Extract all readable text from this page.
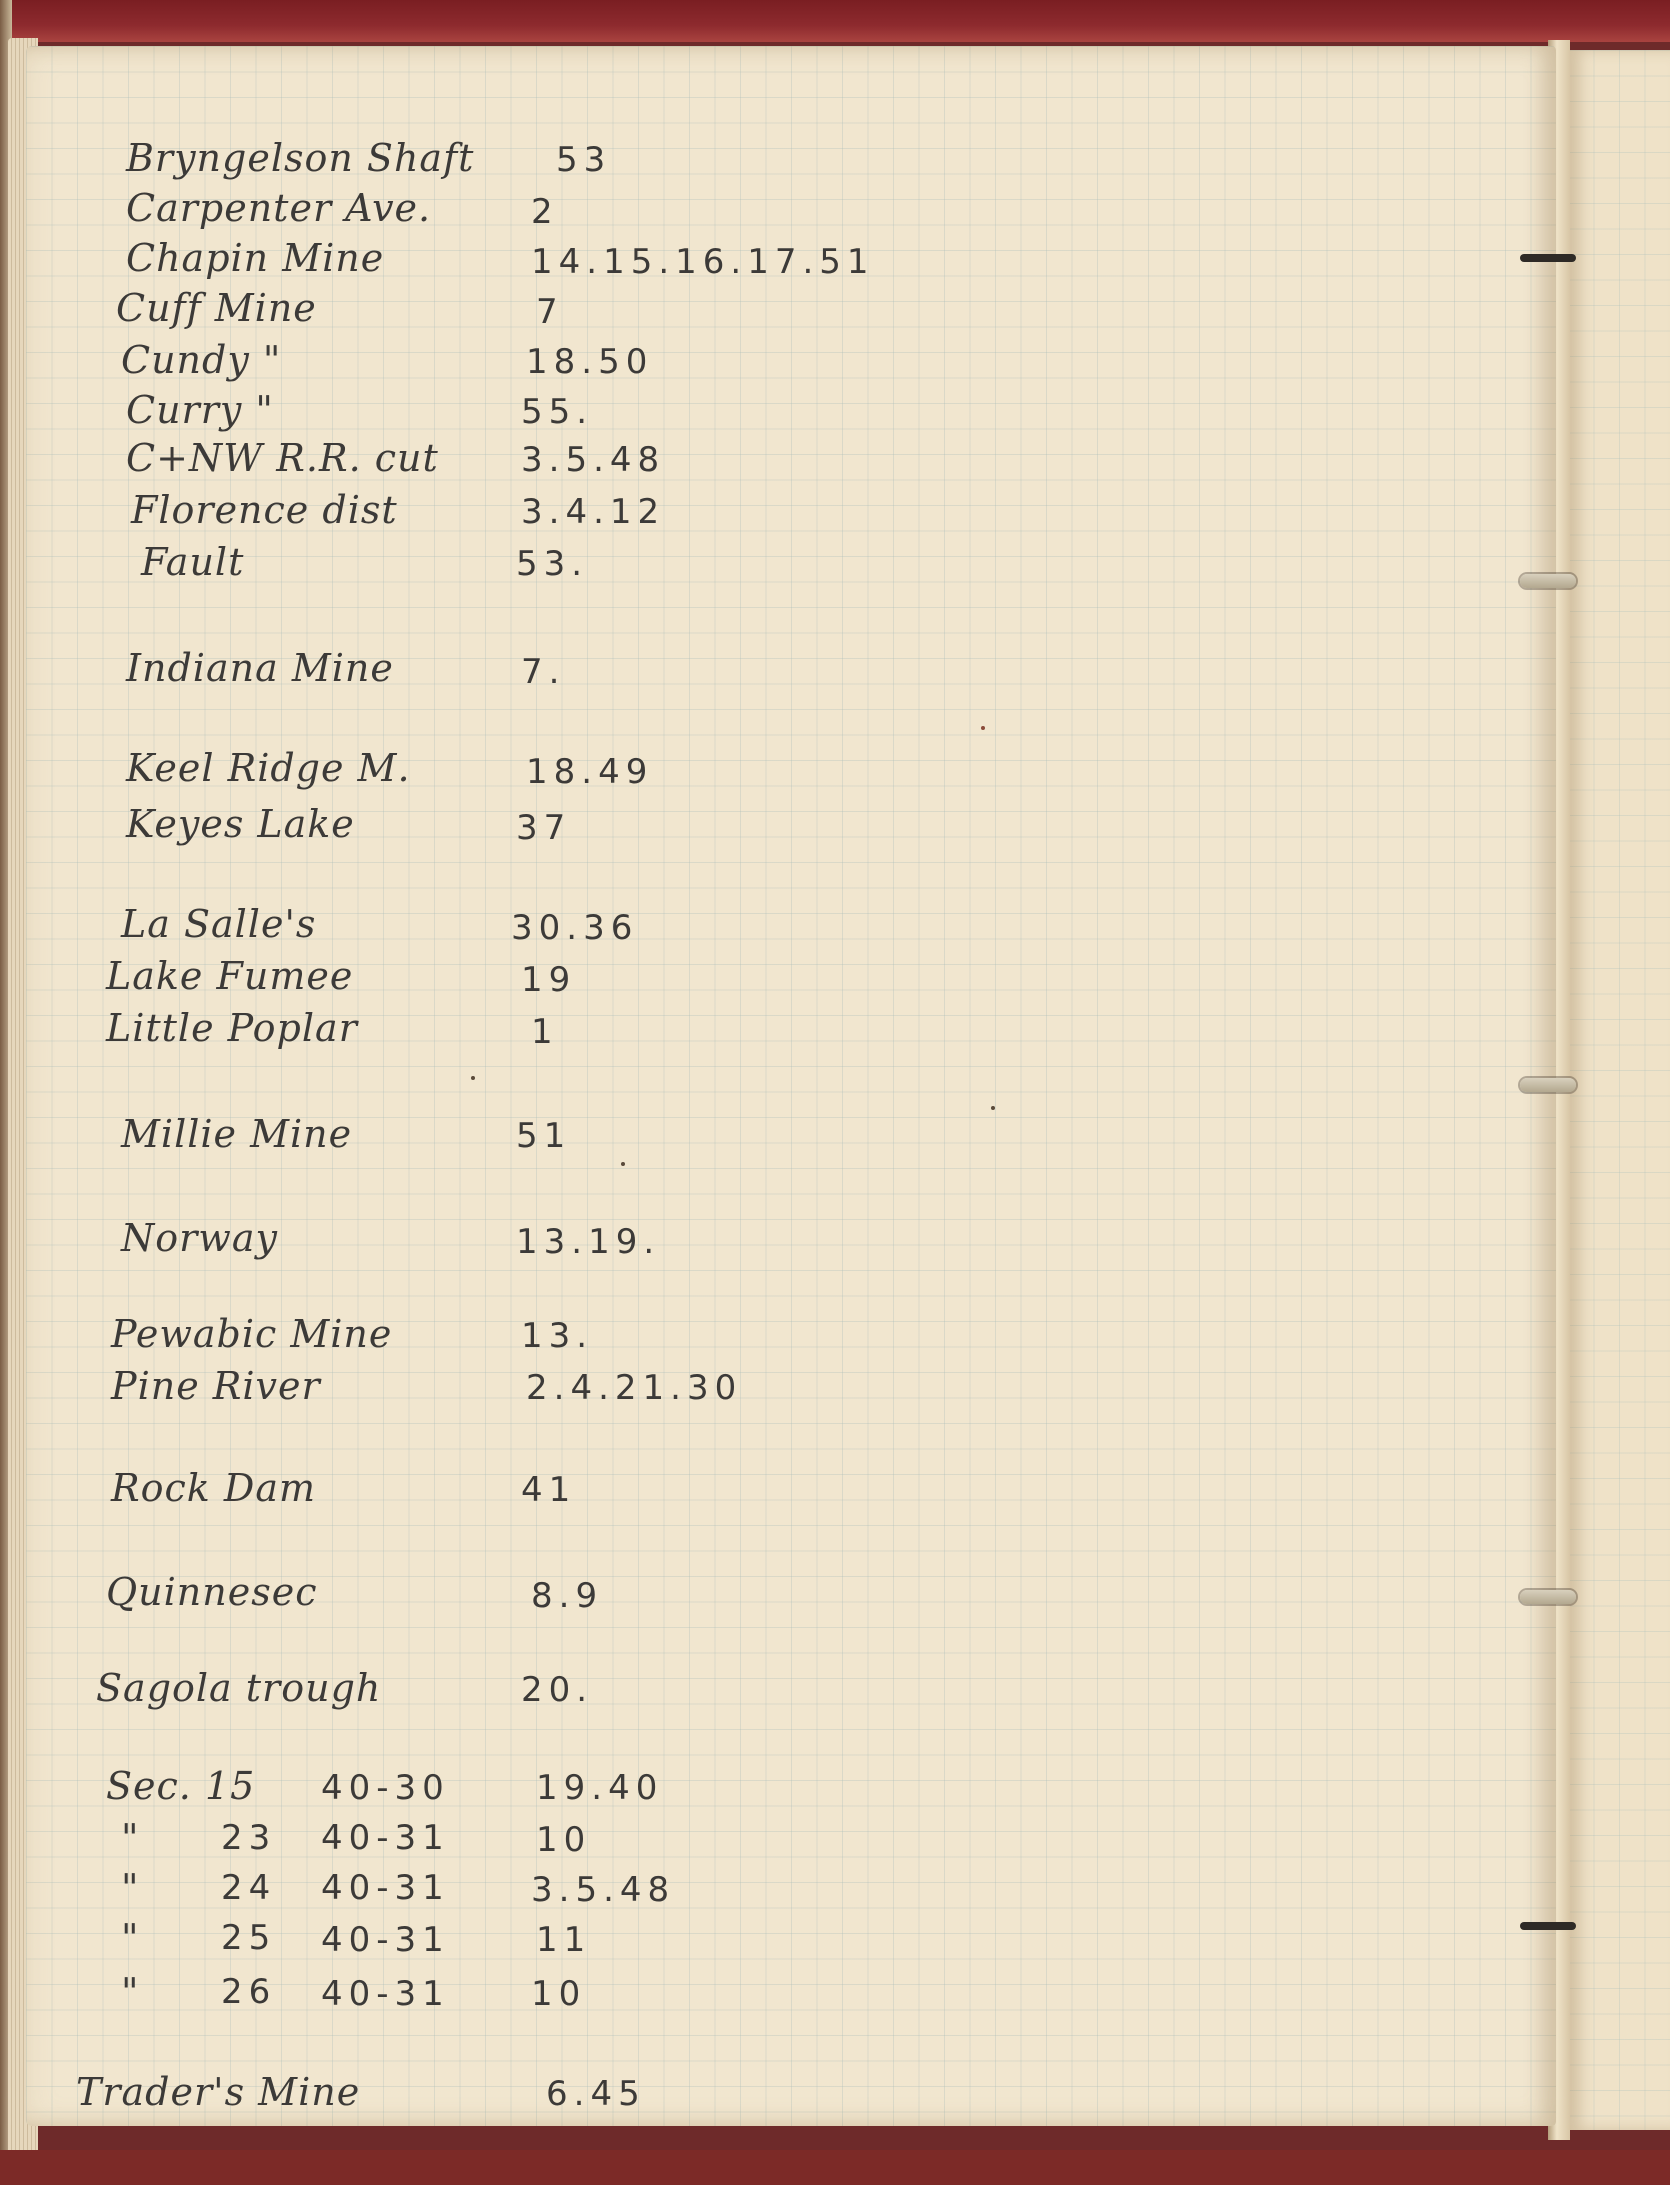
Bryngelson Shaft 53
Carpenter Ave.	2
Chapin Mine	14.15.16.17.51
Cuff Mine	7
Cundy "	18.50
Curry "	55.
C+NW R.R. cut 3.5.48
Florence dist	3.4.12
Fault	53.
Indiana Mine	7.
Keel Ridge M.	18.49
Keyes Lake	37
La Salle's	30.36
Lake Fumee	19
Little Poplar	1
Millie Mine	51
Norway	13.19.
Pewabic Mine	13.
Pine River	2.4.21.30
Rock Dam	41
Quinnesec	8.9
Sagola trough	20.
Sec. 15 40-30	19.40
" 23 40-31	10
" 24 40-31 3.5.48
" 25 40-31	11
" 26 40-31 10
Trader's Mine	6.45
